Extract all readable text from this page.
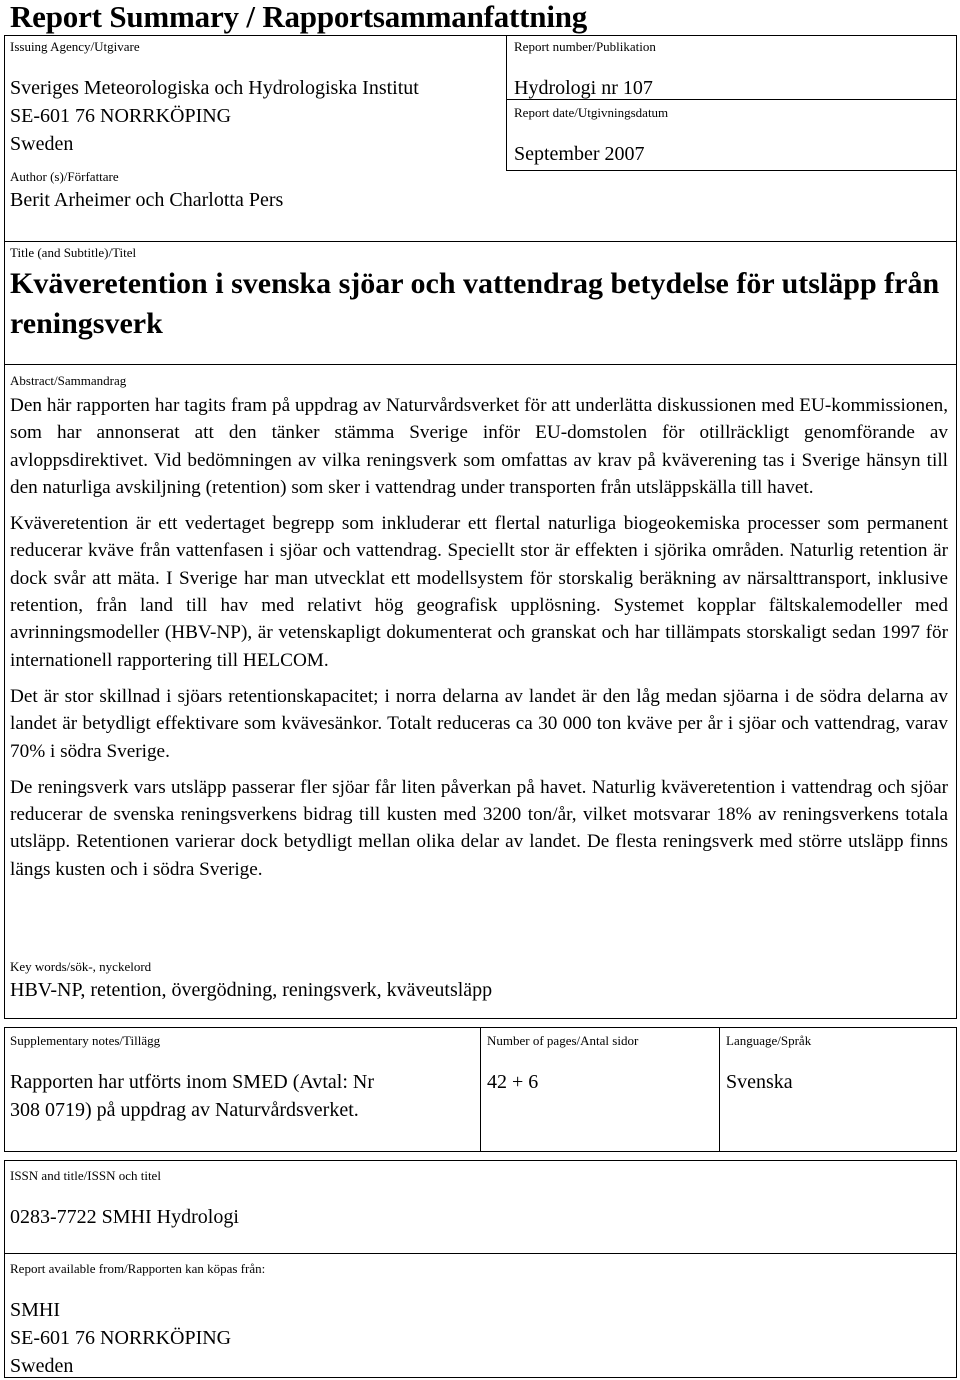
Report Summary / Rapportsammanfattning
Issuing Agency/Utgivare
Sveriges Meteorologiska och Hydrologiska Institut
SE-601 76 NORRKÖPING
Sweden
Report number/Publikation
Hydrologi nr 107
Report date/Utgivningsdatum
September 2007
Author (s)/Författare
Berit Arheimer och Charlotta Pers
Title (and Subtitle)/Titel
Kväveretention i svenska sjöar och vattendrag betydelse för utsläpp från reningsverk
Abstract/Sammandrag

Den här rapporten har tagits fram på uppdrag av Naturvårdsverket för att underlätta diskussionen med EU-kommissionen, som har annonserat att den tänker stämma Sverige inför EU-domstolen för otillräckligt genomförande av avloppsdirektivet. Vid bedömningen av vilka reningsverk som omfattas av krav på kväverening tas i Sverige hänsyn till den naturliga avskiljning (retention) som sker i vattendrag under transporten från utsläppskälla till havet.

Kväveretention är ett vedertaget begrepp som inkluderar ett flertal naturliga biogeokemiska processer som permanent reducerar kväve från vattenfasen i sjöar och vattendrag. Speciellt stor är effekten i sjörika områden. Naturlig retention är dock svår att mäta. I Sverige har man utvecklat ett modellsystem för storskalig beräkning av närsalttransport, inklusive retention, från land till hav med relativt hög geografisk upplösning. Systemet kopplar fältskalemodeller med avrinningsmodeller (HBV-NP), är vetenskapligt dokumenterat och granskat och har tillämpats storskaligt sedan 1997 för internationell rapportering till HELCOM.

Det är stor skillnad i sjöars retentionskapacitet; i norra delarna av landet är den låg medan sjöarna i de södra delarna av landet är betydligt effektivare som kvävesänkor. Totalt reduceras ca 30 000 ton kväve per år i sjöar och vattendrag, varav 70% i södra Sverige.

De reningsverk vars utsläpp passerar fler sjöar får liten påverkan på havet. Naturlig kväveretention i vattendrag och sjöar reducerar de svenska reningsverkens bidrag till kusten med 3200 ton/år, vilket motsvarar 18% av reningsverkens totala utsläpp. Retentionen varierar dock betydligt mellan olika delar av landet. De flesta reningsverk med större utsläpp finns längs kusten och i södra Sverige.

Key words/sök-, nyckelord
HBV-NP, retention, övergödning, reningsverk, kväveutsläpp
Supplementary notes/Tillägg
Rapporten har utförts inom SMED (Avtal: Nr
308 0719) på uppdrag av Naturvårdsverket.
Number of pages/Antal sidor
42 + 6
Language/Språk
Svenska
ISSN and title/ISSN och titel
0283-7722 SMHI Hydrologi
Report available from/Rapporten kan köpas från:
SMHI
SE-601 76 NORRKÖPING
Sweden
